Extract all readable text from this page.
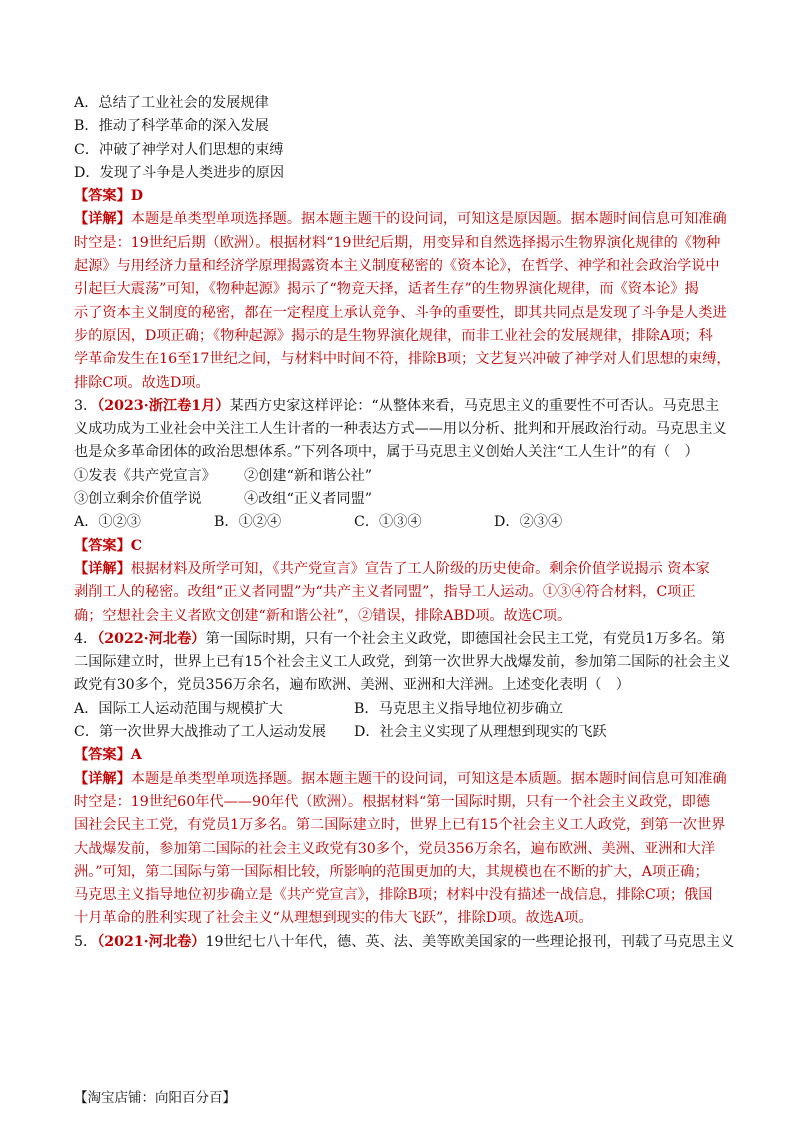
A．总结了工业社会的发展规律
B．推动了科学革命的深入发展
C．冲破了神学对人们思想的束缚
D．发现了斗争是人类进步的原因
【答案】D
【详解】本题是单类型单项选择题。据本题主题干的设问词，可知这是原因题。据本题时间信息可知准确
时空是：19世纪后期（欧洲）。根据材料“19世纪后期，用变异和自然选择揭示生物界演化规律的《物种
起源》与用经济力量和经济学原理揭露资本主义制度秘密的《资本论》，在哲学、神学和社会政治学说中
引起巨大震荡”可知，《物种起源》揭示了“物竞天择，适者生存”的生物界演化规律，而《资本论》揭
示了资本主义制度的秘密，都在一定程度上承认竞争、斗争的重要性，即其共同点是发现了斗争是人类进
步的原因，D项正确；《物种起源》揭示的是生物界演化规律，而非工业社会的发展规律，排除A项；科
学革命发生在16至17世纪之间，与材料中时间不符，排除B项；文艺复兴冲破了神学对人们思想的束缚，
排除C项。故选D项。
3．（2023·浙江卷1月）某西方史家这样评论：“从整体来看，马克思主义的重要性不可否认。马克思主
义成功成为工业社会中关注工人生计者的一种表达方式——用以分析、批判和开展政治行动。马克思主义
也是众多革命团体的政治思想体系。”下列各项中，属于马克思主义创始人关注“工人生计”的有（　）
①发表《共产党宣言》 ②创建“新和谐公社”
③创立剩余价值学说	④改组“正义者同盟”
A．①②③	B．①②④	C．①③④	D．②③④
【答案】C
【详解】根据材料及所学可知，《共产党宣言》宣告了工人阶级的历史使命。剩余价值学说揭示 资本家
剥削工人的秘密。改组“正义者同盟”为“共产主义者同盟”，指导工人运动。①③④符合材料，C项正
确；空想社会主义者欧文创建“新和谐公社”，②错误，排除ABD项。故选C项。
4．（2022·河北卷）第一国际时期，只有一个社会主义政党，即德国社会民主工党，有党员1万多名。第
二国际建立时，世界上已有15个社会主义工人政党，到第一次世界大战爆发前，参加第二国际的社会主义
政党有30多个，党员356万余名，遍布欧洲、美洲、亚洲和大洋洲。上述变化表明（　）
A．国际工人运动范围与规模扩大	B．马克思主义指导地位初步确立
C．第一次世界大战推动了工人运动发展 D．社会主义实现了从理想到现实的飞跃
【答案】A
【详解】本题是单类型单项选择题。据本题主题干的设问词，可知这是本质题。据本题时间信息可知准确
时空是：19世纪60年代——90年代（欧洲）。根据材料“第一国际时期，只有一个社会主义政党，即德
国社会民主工党，有党员1万多名。第二国际建立时，世界上已有15个社会主义工人政党，到第一次世界
大战爆发前，参加第二国际的社会主义政党有30多个，党员356万余名，遍布欧洲、美洲、亚洲和大洋
洲。”可知，第二国际与第一国际相比较，所影响的范围更加的大，其规模也在不断的扩大，A项正确；
马克思主义指导地位初步确立是《共产党宣言》，排除B项；材料中没有描述一战信息，排除C项；俄国
十月革命的胜利实现了社会主义“从理想到现实的伟大飞跃”，排除D项。故选A项。
5．（2021·河北卷）19世纪七八十年代，德、英、法、美等欧美国家的一些理论报刊，刊载了马克思主义
【淘宝店铺：向阳百分百】
